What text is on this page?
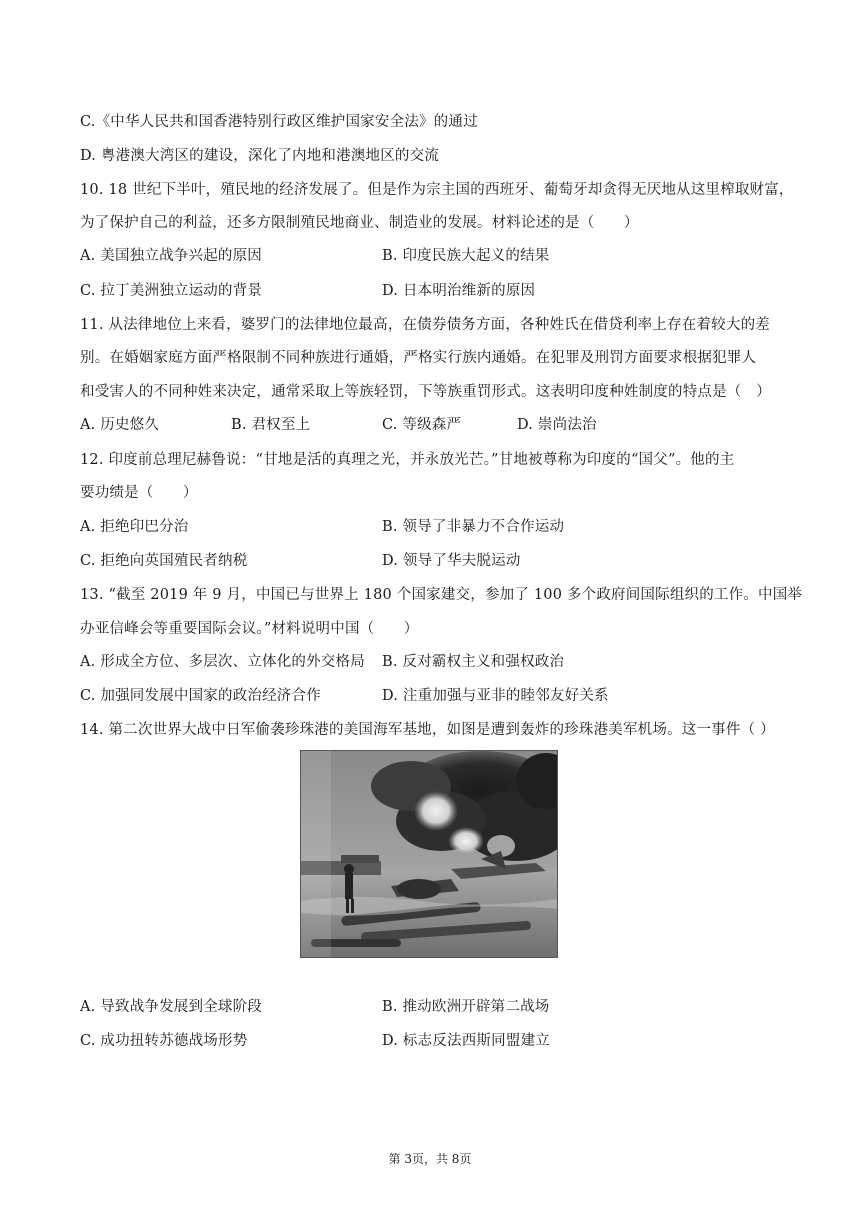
C.《中华人民共和国香港特别行政区维护国家安全法》的通过
D. 粤港澳大湾区的建设，深化了内地和港澳地区的交流
10. 18 世纪下半叶，殖民地的经济发展了。但是作为宗主国的西班牙、葡萄牙却贪得无厌地从这里榨取财富，
为了保护自己的利益，还多方限制殖民地商业、制造业的发展。材料论述的是（　　）
A. 美国独立战争兴起的原因	B. 印度民族大起义的结果
C. 拉丁美洲独立运动的背景	D. 日本明治维新的原因
11. 从法律地位上来看，婆罗门的法律地位最高，在债券债务方面，各种姓氏在借贷利率上存在着较大的差
别。在婚姻家庭方面严格限制不同种族进行通婚，严格实行族内通婚。在犯罪及刑罚方面要求根据犯罪人
和受害人的不同种姓来决定，通常采取上等族轻罚，下等族重罚形式。这表明印度种姓制度的特点是（　）
A. 历史悠久	B. 君权至上	C. 等级森严	D. 崇尚法治
12. 印度前总理尼赫鲁说：“甘地是活的真理之光，并永放光芒。”甘地被尊称为印度的“国父”。他的主
要功绩是（　　）
A. 拒绝印巴分治	B. 领导了非暴力不合作运动
C. 拒绝向英国殖民者纳税	D. 领导了华夫脱运动
13. “截至 2019 年 9 月，中国已与世界上 180 个国家建交，参加了 100 多个政府间国际组织的工作。中国举
办亚信峰会等重要国际会议。”材料说明中国（　　）
A. 形成全方位、多层次、立体化的外交格局 B. 反对霸权主义和强权政治
C. 加强同发展中国家的政治经济合作	D. 注重加强与亚非的睦邻友好关系
14. 第二次世界大战中日军偷袭珍珠港的美国海军基地，如图是遭到轰炸的珍珠港美军机场。这一事件（ ）
A. 导致战争发展到全球阶段	B. 推动欧洲开辟第二战场
C. 成功扭转苏德战场形势	D. 标志反法西斯同盟建立
第 3页，共 8页
